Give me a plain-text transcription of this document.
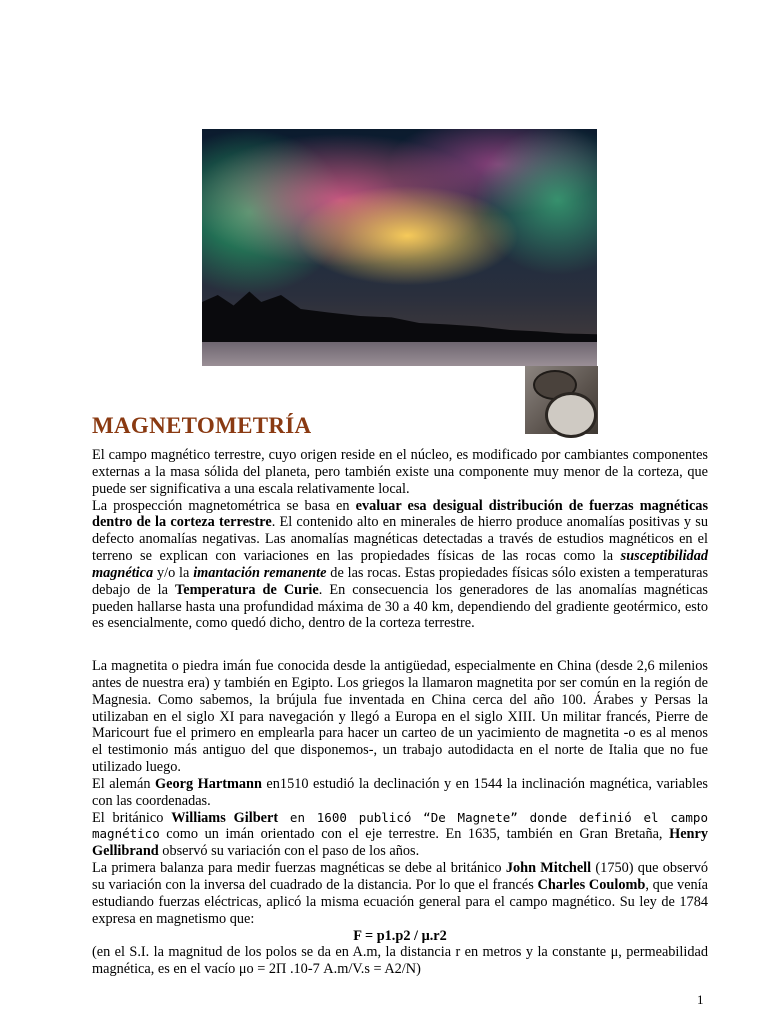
MAGNETOMETRÍA

El campo magnético terrestre, cuyo origen reside en el núcleo, es modificado por cambiantes componentes externas a la masa sólida del planeta, pero también existe una componente muy menor de la corteza, que puede ser significativa a una escala relativamente local.

La prospección magnetométrica se basa en evaluar esa desigual distribución de fuerzas magnéticas dentro de la corteza terrestre. El contenido alto en minerales de hierro produce anomalías positivas y su defecto anomalías negativas. Las anomalías magnéticas detectadas a través de estudios magnéticos en el terreno se explican con variaciones en las propiedades físicas de las rocas como la susceptibilidad magnética y/o la imantación remanente de las rocas. Estas propiedades físicas sólo existen a temperaturas debajo de la Temperatura de Curie. En consecuencia los generadores de las anomalías magnéticas pueden hallarse hasta una profundidad máxima de 30 a 40 km, dependiendo del gradiente geotérmico, esto es esencialmente, como quedó dicho, dentro de la corteza terrestre.

La magnetita o piedra imán fue conocida desde la antigüedad, especialmente en China (desde 2,6 milenios antes de nuestra era) y también en Egipto. Los griegos la llamaron magnetita por ser común en la región de Magnesia. Como sabemos, la brújula fue inventada en China cerca del año 100. Árabes y Persas la utilizaban en el siglo XI para navegación y llegó a Europa en el siglo XIII. Un militar francés, Pierre de Maricourt fue el primero en emplearla para hacer un carteo de un yacimiento de magnetita -o es al menos el testimonio más antiguo del que disponemos-, un trabajo autodidacta en el norte de Italia que no fue utilizado luego.

El alemán Georg Hartmann en1510 estudió la declinación y en 1544 la inclinación magnética, variables con las coordenadas.

El británico Williams Gilbert en 1600 publicó “De Magnete” donde definió el campo magnético como un imán orientado con el eje terrestre. En 1635, también en Gran Bretaña, Henry Gellibrand observó su variación con el paso de los años.

La primera balanza para medir fuerzas magnéticas se debe al británico John Mitchell (1750) que observó su variación con la inversa del cuadrado de la distancia. Por lo que el francés Charles Coulomb, que venía estudiando fuerzas eléctricas, aplicó la misma ecuación general para el campo magnético. Su ley de 1784 expresa en magnetismo que:

F = p1.p2 / μ.r2

(en el S.I. la magnitud de los polos se da en A.m, la distancia r en metros y la constante μ, permeabilidad magnética, es en el vacío μo = 2Π .10-7 A.m/V.s = A2/N)

1
